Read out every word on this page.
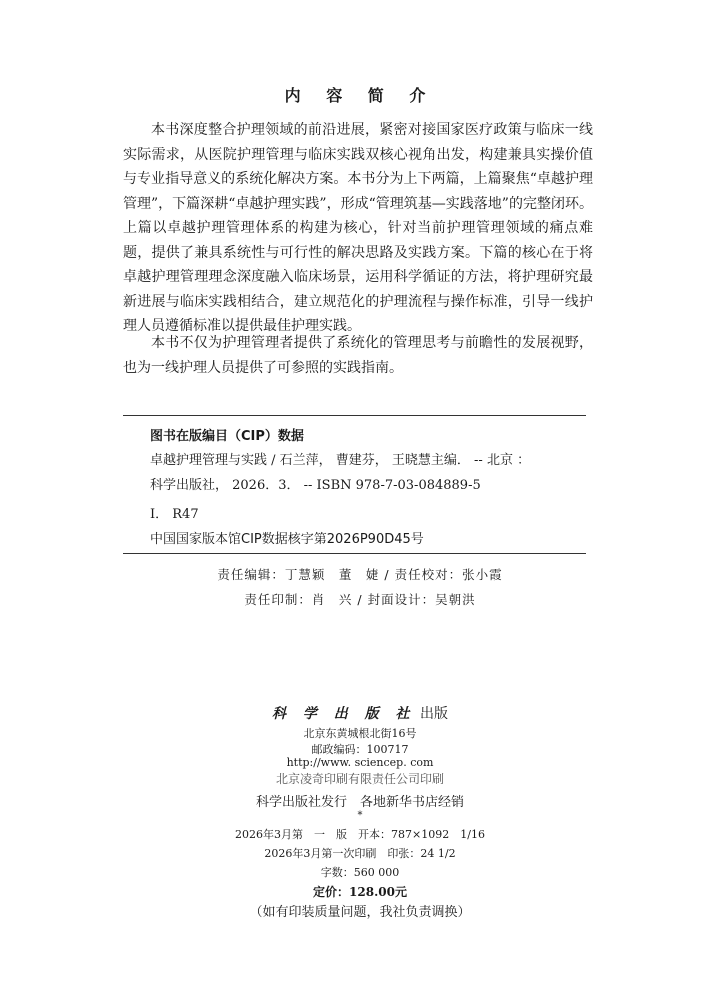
内 容 简 介

本书深度整合护理领域的前沿进展，紧密对接国家医疗政策与临床一线实际需求，从医院护理管理与临床实践双核心视角出发，构建兼具实操价值与专业指导意义的系统化解决方案。本书分为上下两篇，上篇聚焦“卓越护理管理”，下篇深耕“卓越护理实践”，形成“管理筑基—实践落地”的完整闭环。上篇以卓越护理管理体系的构建为核心，针对当前护理管理领域的痛点难题，提供了兼具系统性与可行性的解决思路及实践方案。下篇的核心在于将卓越护理管理理念深度融入临床场景，运用科学循证的方法，将护理研究最新进展与临床实践相结合，建立规范化的护理流程与操作标准，引导一线护理人员遵循标准以提供最佳护理实践。

本书不仅为护理管理者提供了系统化的管理思考与前瞻性的发展视野，也为一线护理人员提供了可参照的实践指南。

图书在版编目（CIP）数据
卓越护理管理与实践 / 石兰萍， 曹建芬， 王晓慧主编． -- 北京 ：
科学出版社， 2026．3． -- ISBN 978-7-03-084889-5
Ⅰ． R47
中国国家版本馆CIP数据核字第2026P90D45号
责任编辑：丁慧颖　董　婕 / 责任校对：张小霞
责任印制：肖　兴 / 封面设计：吴朝洪
科 学 出 版 社 出版
北京东黄城根北街16号
邮政编码：100717
http://www. sciencep. com
北京凌奇印刷有限责任公司印刷
科学出版社发行　各地新华书店经销
*
2026年3月第　一　版　开本：787×1092　1/16
2026年3月第一次印刷　印张：24 1/2
字数：560 000
定价：128.00元
（如有印装质量问题，我社负责调换）
